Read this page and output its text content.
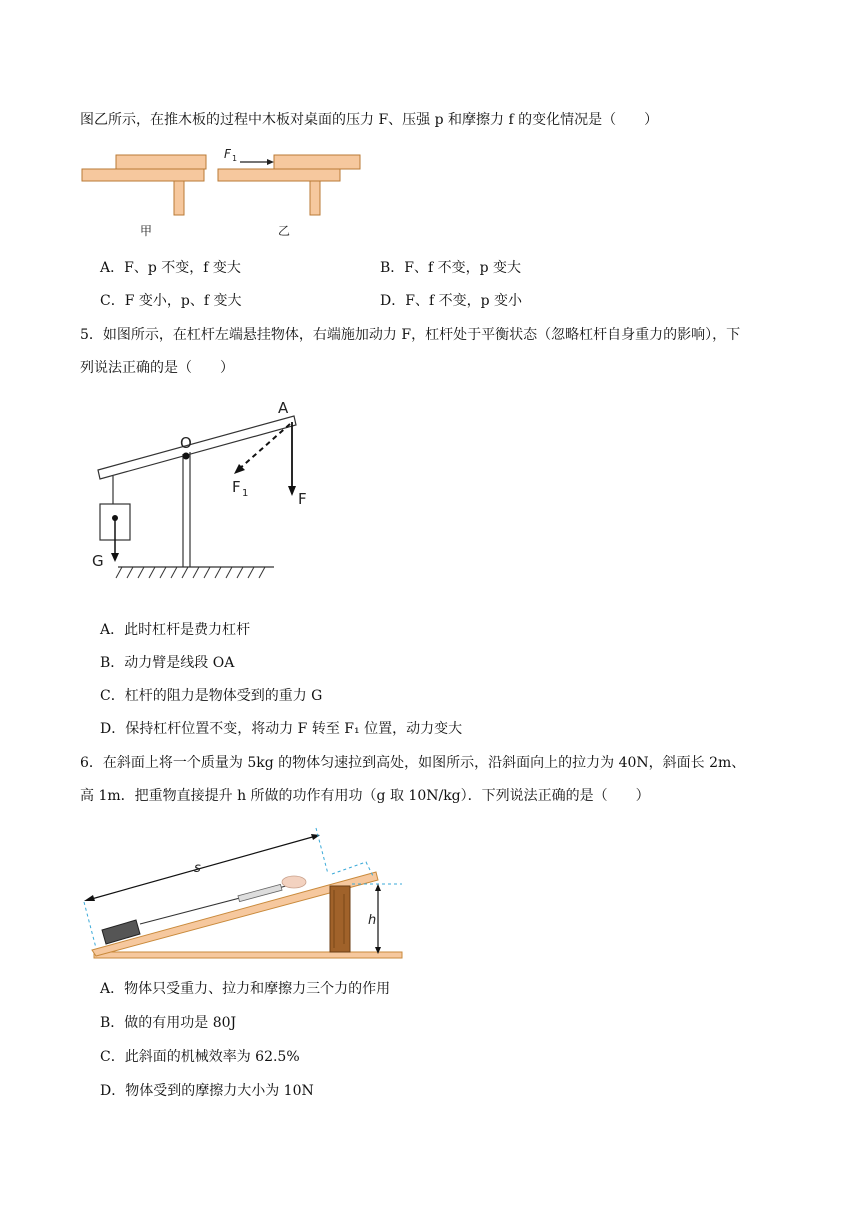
图乙所示，在推木板的过程中木板对桌面的压力 F、压强 p 和摩擦力 f 的变化情况是（　　）
F 1
甲	乙
A．F、p 不变，f 变大	B．F、f 不变，p 变大
C．F 变小，p、f 变大	D．F、f 不变，p 变小
5．如图所示，在杠杆左端悬挂物体，右端施加动力 F，杠杆处于平衡状态（忽略杠杆自身重力的影响），下
列说法正确的是（　　）
A
O
F 1	F
G
A．此时杠杆是费力杠杆
B．动力臂是线段 OA
C．杠杆的阻力是物体受到的重力 G
D．保持杠杆位置不变，将动力 F 转至 F₁ 位置，动力变大
6．在斜面上将一个质量为 5kg 的物体匀速拉到高处，如图所示，沿斜面向上的拉力为 40N，斜面长 2m、
高 1m．把重物直接提升 h 所做的功作有用功（g 取 10N/kg）．下列说法正确的是（　　）
s
h
A．物体只受重力、拉力和摩擦力三个力的作用
B．做的有用功是 80J
C．此斜面的机械效率为 62.5%
D．物体受到的摩擦力大小为 10N
